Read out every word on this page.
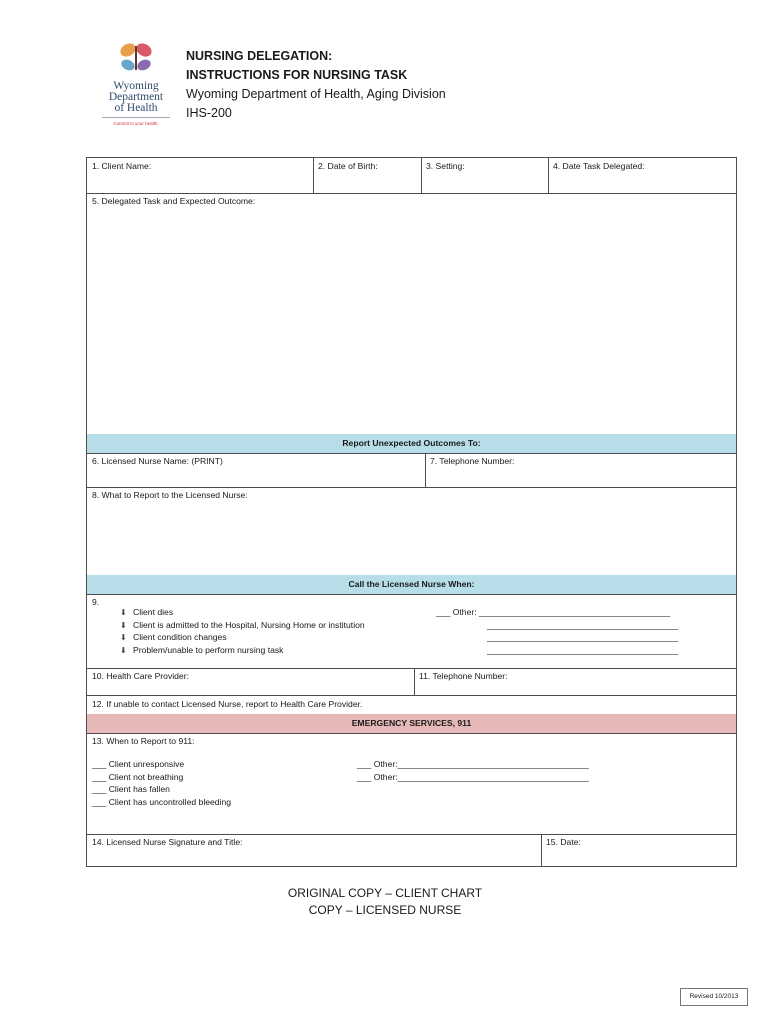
Wyoming
Department
of Health
Commit to your health.
NURSING DELEGATION:
INSTRUCTIONS FOR NURSING TASK
Wyoming Department of Health, Aging Division
IHS-200
1. Client Name:	2. Date of Birth:	3. Setting:	4. Date Task Delegated:
5. Delegated Task and Expected Outcome:
Report Unexpected Outcomes To:
6. Licensed Nurse Name: (PRINT)	7. Telephone Number:
8. What to Report to the Licensed Nurse:
Call the Licensed Nurse When:
9.
⬇ Client dies
⬇ Client is admitted to the Hospital, Nursing Home or institution
⬇ Client condition changes
⬇ Problem/unable to perform nursing task
___ Other: ________________________________________
________________________________________
________________________________________
________________________________________
10. Health Care Provider:	11. Telephone Number:
12. If unable to contact Licensed Nurse, report to Health Care Provider.
EMERGENCY SERVICES, 911
13. When to Report to 911:
___ Client unresponsive
___ Client not breathing
___ Client has fallen
___ Client has uncontrolled bleeding
___ Other:________________________________________
___ Other:________________________________________
14. Licensed Nurse Signature and Title:	15. Date:
ORIGINAL COPY – CLIENT CHART
COPY – LICENSED NURSE
Revised 10/2013
